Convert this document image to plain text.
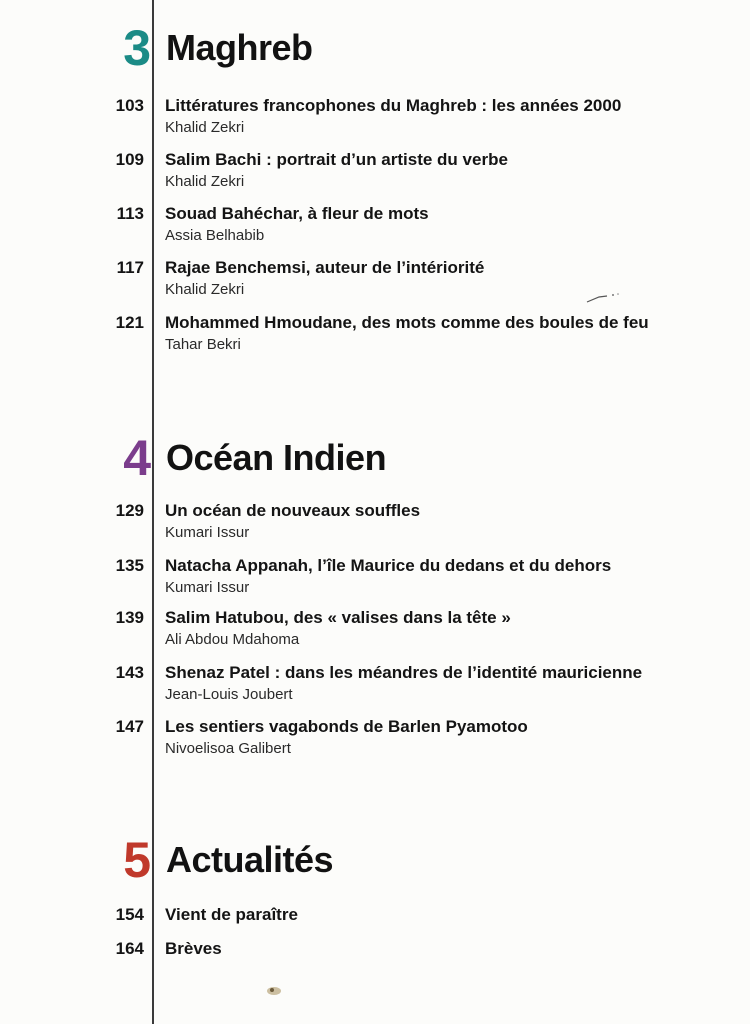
3 Maghreb
103 Littératures francophones du Maghreb : les années 2000
Khalid Zekri
109 Salim Bachi : portrait d’un artiste du verbe
Khalid Zekri
113 Souad Bahéchar, à fleur de mots
Assia Belhabib
117 Rajae Benchemsi, auteur de l’intériorité
Khalid Zekri
121 Mohammed Hmoudane, des mots comme des boules de feu
Tahar Bekri
4 Océan Indien
129 Un océan de nouveaux souffles
Kumari Issur
135 Natacha Appanah, l’île Maurice du dedans et du dehors
Kumari Issur
139 Salim Hatubou, des « valises dans la tête »
Ali Abdou Mdahoma
143 Shenaz Patel : dans les méandres de l’identité mauricienne
Jean-Louis Joubert
147 Les sentiers vagabonds de Barlen Pyamotoo
Nivoelisoa Galibert
5 Actualités
154 Vient de paraître
164 Brèves
